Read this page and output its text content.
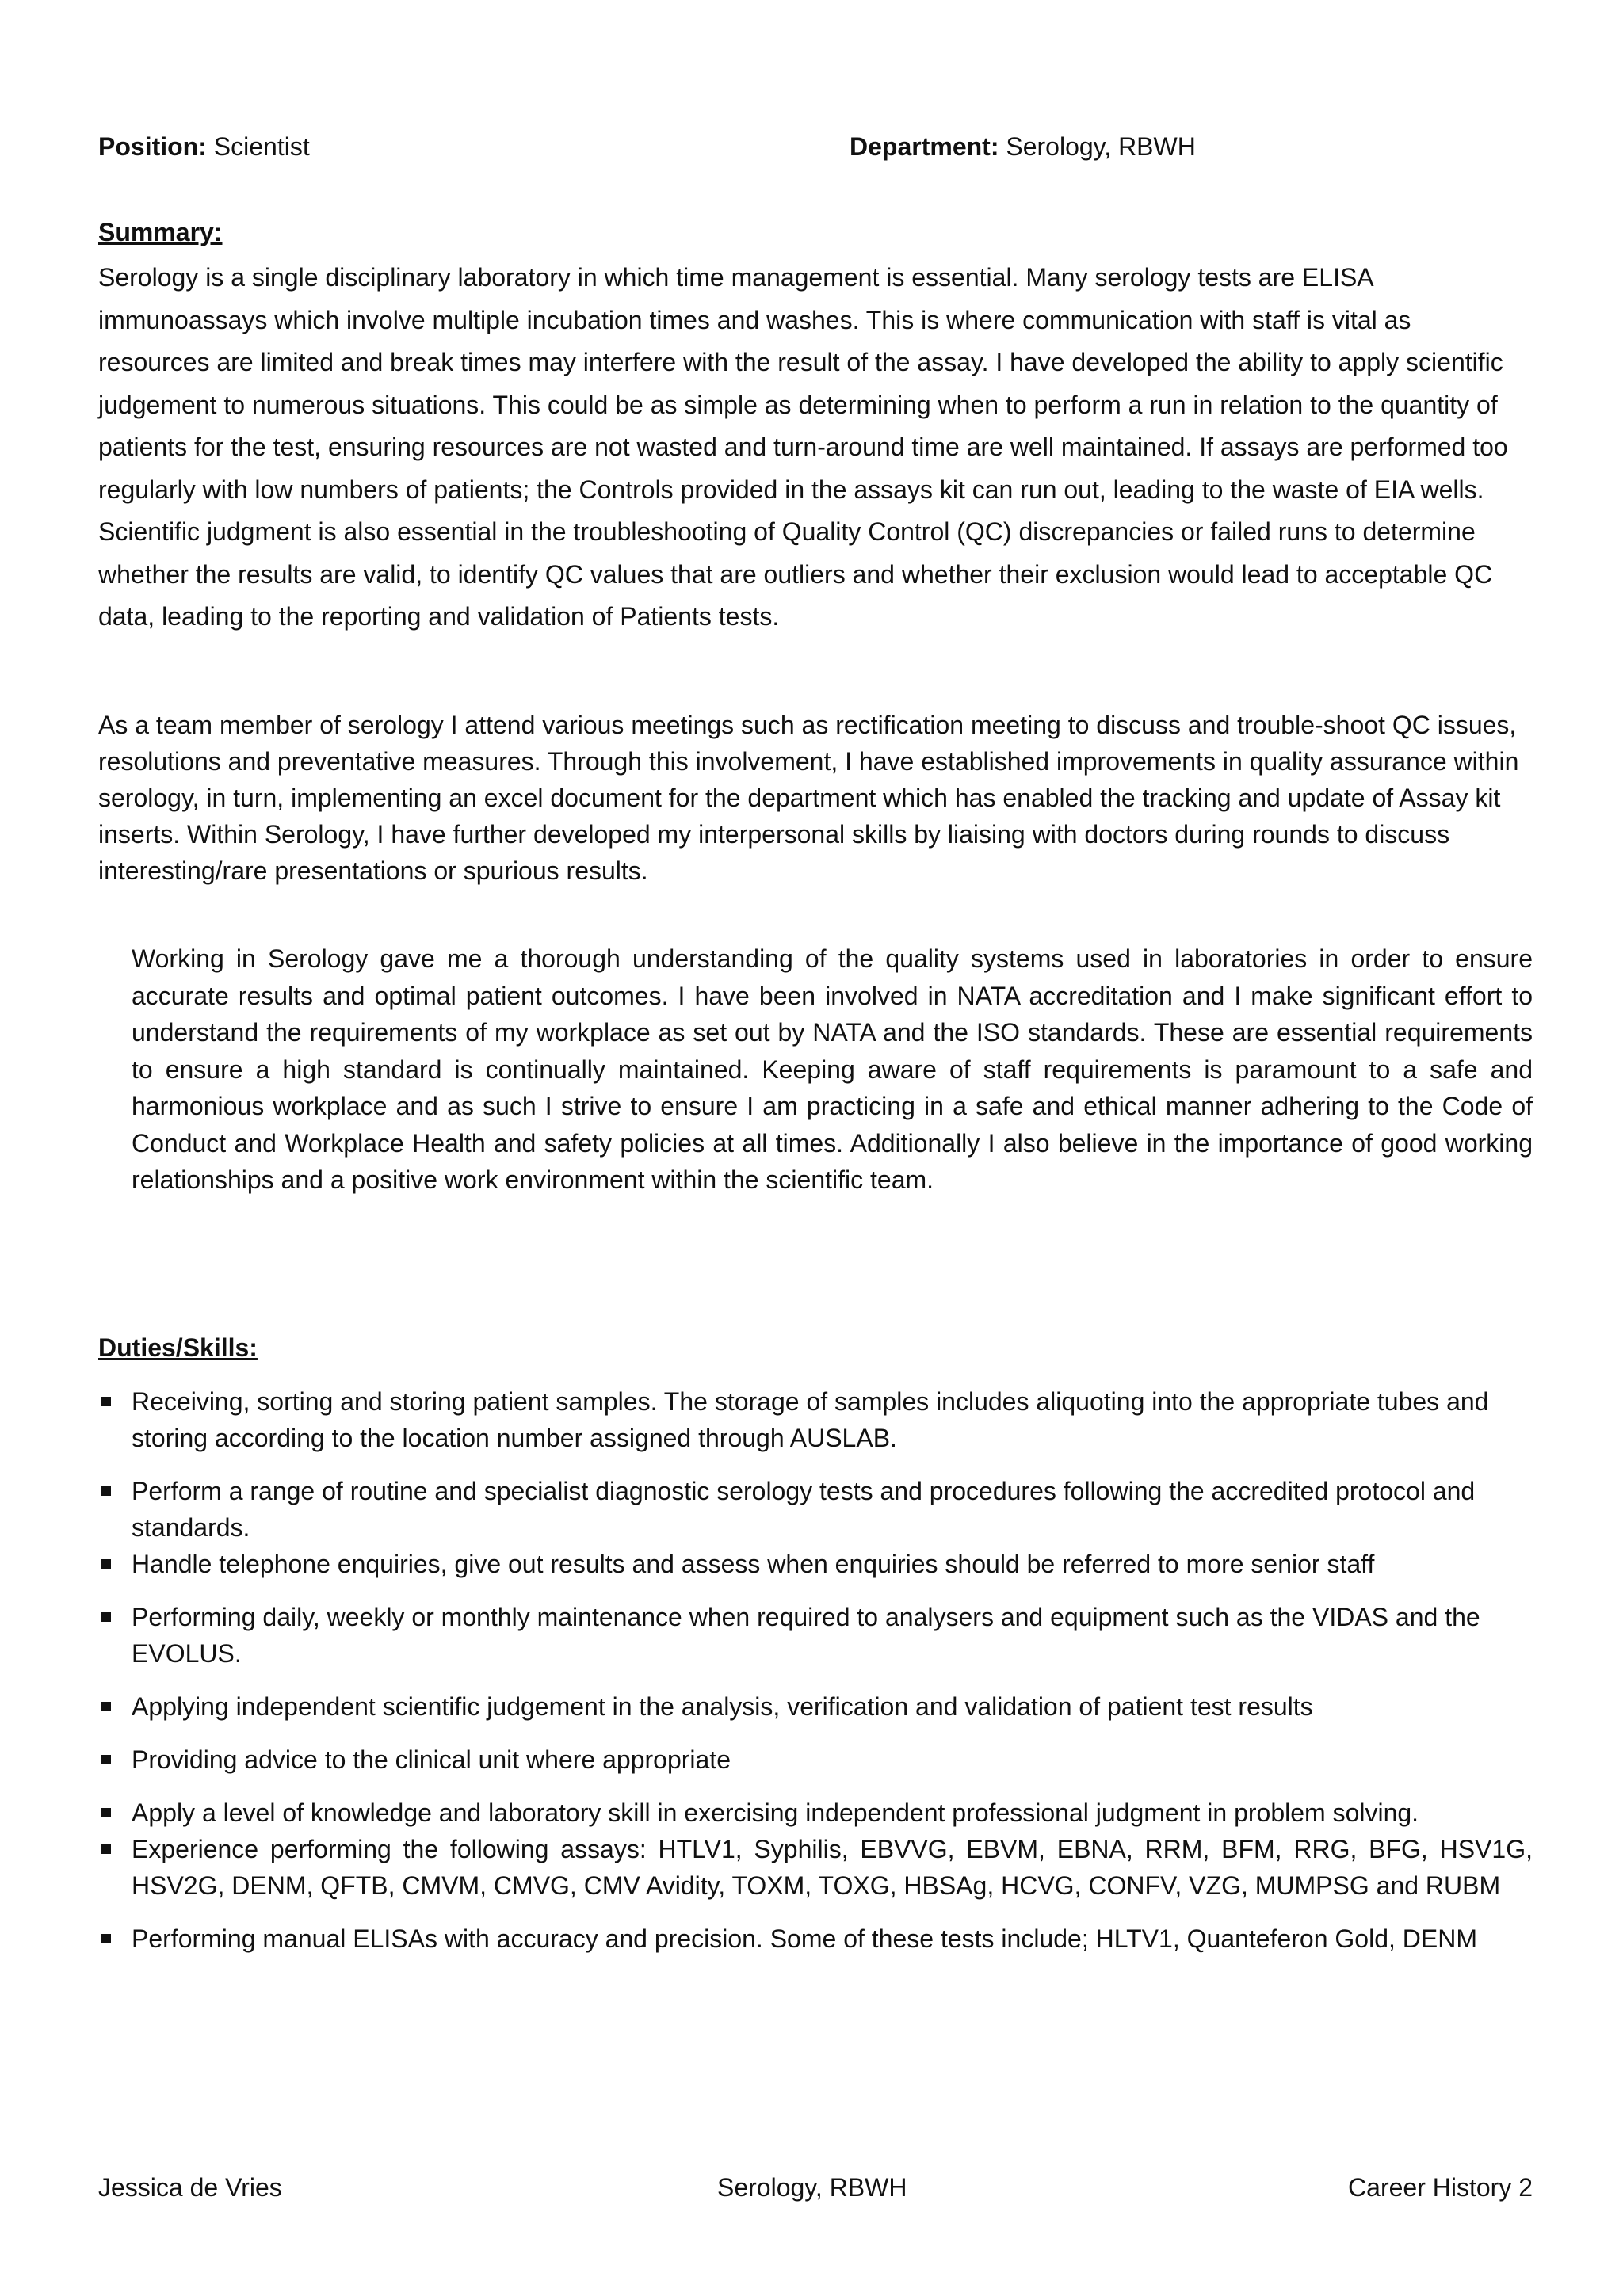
Position: Scientist	Department: Serology, RBWH
Summary:

Serology is a single disciplinary laboratory in which time management is essential. Many serology tests are ELISA immunoassays which involve multiple incubation times and washes. This is where communication with staff is vital as resources are limited and break times may interfere with the result of the assay. I have developed the ability to apply scientific judgement to numerous situations. This could be as simple as determining when to perform a run in relation to the quantity of patients for the test, ensuring resources are not wasted and turn-around time are well maintained. If assays are performed too regularly with low numbers of patients; the Controls provided in the assays kit can run out, leading to the waste of EIA wells. Scientific judgment is also essential in the troubleshooting of Quality Control (QC) discrepancies or failed runs to determine whether the results are valid, to identify QC values that are outliers and whether their exclusion would lead to acceptable QC data, leading to the reporting and validation of Patients tests.

As a team member of serology I attend various meetings such as rectification meeting to discuss and trouble-shoot QC issues, resolutions and preventative measures. Through this involvement, I have established improvements in quality assurance within serology, in turn, implementing an excel document for the department which has enabled the tracking and update of Assay kit inserts. Within Serology, I have further developed my interpersonal skills by liaising with doctors during rounds to discuss interesting/rare presentations or spurious results.

Working in Serology gave me a thorough understanding of the quality systems used in laboratories in order to ensure accurate results and optimal patient outcomes. I have been involved in NATA accreditation and I make significant effort to understand the requirements of my workplace as set out by NATA and the ISO standards. These are essential requirements to ensure a high standard is continually maintained. Keeping aware of staff requirements is paramount to a safe and harmonious workplace and as such I strive to ensure I am practicing in a safe and ethical manner adhering to the Code of Conduct and Workplace Health and safety policies at all times. Additionally I also believe in the importance of good working relationships and a positive work environment within the scientific team.

Duties/Skills:
Receiving, sorting and storing patient samples. The storage of samples includes aliquoting into the appropriate tubes and storing according to the location number assigned through AUSLAB.
Perform a range of routine and specialist diagnostic serology tests and procedures following the accredited protocol and standards.
Handle telephone enquiries, give out results and assess when enquiries should be referred to more senior staff
Performing daily, weekly or monthly maintenance when required to analysers and equipment such as the VIDAS and the EVOLUS.
Applying independent scientific judgement in the analysis, verification and validation of patient test results
Providing advice to the clinical unit where appropriate
Apply a level of knowledge and laboratory skill in exercising independent professional judgment in problem solving.
Experience performing the following assays: HTLV1, Syphilis, EBVVG, EBVM, EBNA, RRM, BFM, RRG, BFG, HSV1G, HSV2G, DENM, QFTB, CMVM, CMVG, CMV Avidity, TOXM, TOXG, HBSAg, HCVG, CONFV, VZG, MUMPSG and RUBM
Performing manual ELISAs with accuracy and precision. Some of these tests include; HLTV1, Quanteferon Gold, DENM
Jessica de Vries	Serology, RBWH	Career History 2
